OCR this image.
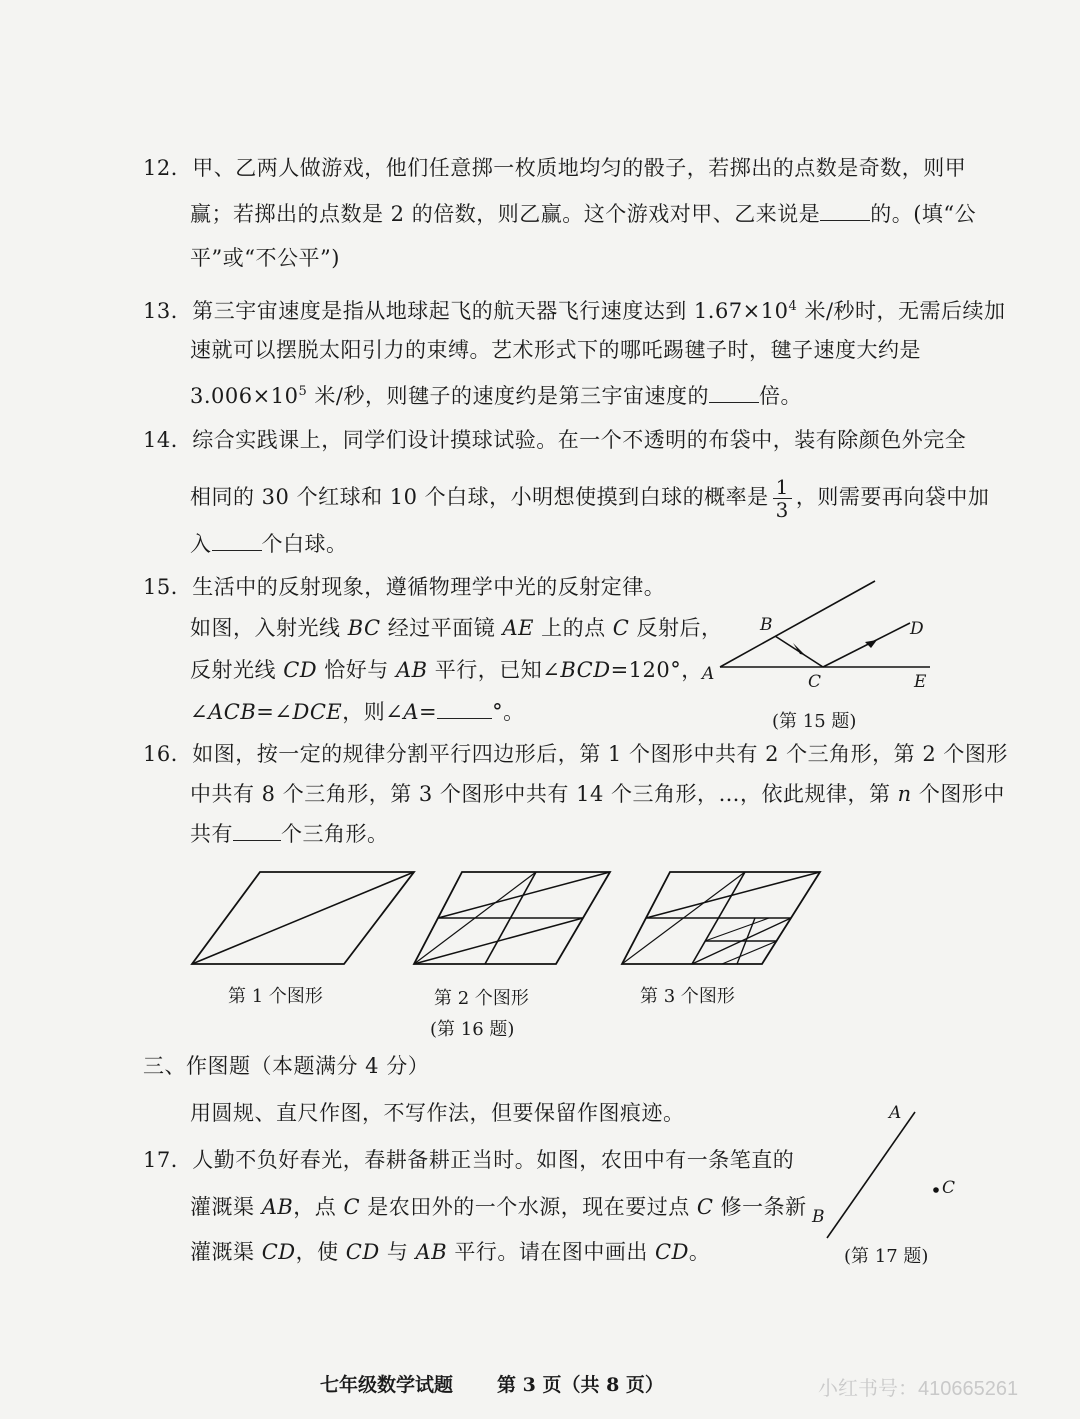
12．甲、乙两人做游戏，他们任意掷一枚质地均匀的骰子，若掷出的点数是奇数，则甲
赢；若掷出的点数是 2 的倍数，则乙赢。这个游戏对甲、乙来说是 的。(填“公
平”或“不公平”)
13．第三宇宙速度是指从地球起飞的航天器飞行速度达到 $1.67\times 10^4$ 米/秒时，无需后续加
速就可以摆脱太阳引力的束缚。艺术形式下的哪吒踢毽子时，毽子速度大约是
$3.006\times 10^5$ 米/秒，则毽子的速度约是第三宇宙速度的 倍。
14．综合实践课上，同学们设计摸球试验。在一个不透明的布袋中，装有除颜色外完全
相同的 30 个红球和 10 个白球，小明想使摸到白球的概率是 $\frac{1}{3}$ ，则需要再向袋中加
入 个白球。
15．生活中的反射现象，遵循物理学中光的反射定律。
如图，入射光线 BC 经过平面镜 AE 上的点 C 反射后，
反射光线 CD 恰好与 AB 平行，已知∠BCD=120°，
∠ACB=∠DCE，则∠A=	°。
B	D
A	C	E
(第 15 题)
16．如图，按一定的规律分割平行四边形后，第 1 个图形中共有 2 个三角形，第 2 个图形
中共有 8 个三角形，第 3 个图形中共有 14 个三角形，…，依此规律，第 n 个图形中
共有 个三角形。
第 1 个图形	第 2 个图形	第 3 个图形
(第 16 题)
三、作图题（本题满分 4 分）
用圆规、直尺作图，不写作法，但要保留作图痕迹。
17．人勤不负好春光，春耕备耕正当时。如图，农田中有一条笔直的
灌溉渠 AB，点 C 是农田外的一个水源，现在要过点 C 修一条新
灌溉渠 CD，使 CD 与 AB 平行。请在图中画出 CD。
A
B
C
(第 17 题)
七年级数学试题 第 3 页（共 8 页）	小红书号：410665261
